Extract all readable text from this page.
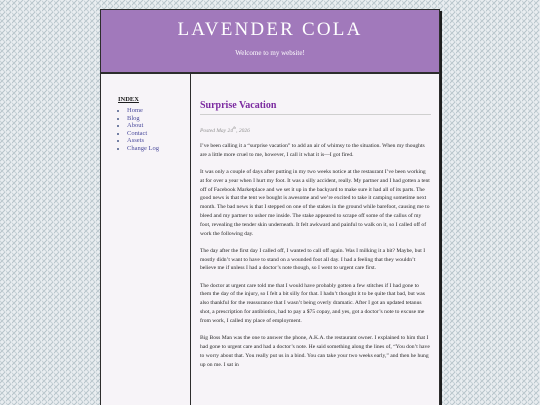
LAVENDER COLA
Welcome to my website!
INDEX
• Home
• Blog
• About
• Contact
• Assets
• Change Log
Surprise Vacation
Posted May 24th, 2026

I’ve been calling it a “surprise vacation” to add an air of whimsy to the situation. When my thoughts are a little more cruel to me, however, I call it what it is—I got fired.

It was only a couple of days after putting in my two weeks notice at the restaurant I’ve been working at for over a year when I hurt my foot. It was a silly accident, really. My partner and I had gotten a tent off of Facebook Marketplace and we set it up in the backyard to make sure it had all of its parts. The good news is that the tent we bought is awesome and we’re excited to take it camping sometime next month. The bad news is that I stepped on one of the stakes in the ground while barefoot, causing me to bleed and my partner to usher me inside. The stake appeared to scrape off some of the callus of my foot, revealing the tender skin underneath. It felt awkward and painful to walk on it, so I called off of work the following day.

The day after the first day I called off, I wanted to call off again. Was I milking it a bit? Maybe, but I mostly didn’t want to have to stand on a wounded foot all day. I had a feeling that they wouldn’t believe me if unless I had a doctor’s note though, so I went to urgent care first.

The doctor at urgent care told me that I would have probably gotten a few stitches if I had gone to them the day of the injury, so I felt a bit silly for that. I hadn’t thought it to be quite that bad, but was also thankful for the reassurance that I wasn’t being overly dramatic. After I got an updated tetanus shot, a prescription for antibiotics, had to pay a $75 copay, and yes, got a doctor’s note to excuse me from work, I called my place of employment.

Big Boss Man was the one to answer the phone, A.K.A. the restaurant owner. I explained to him that I had gone to urgent care and had a doctor’s note. He said something along the lines of, “You don’t have to worry about that. You really put us in a bind. You can take your two weeks early,” and then he hung up on me. I sat in
